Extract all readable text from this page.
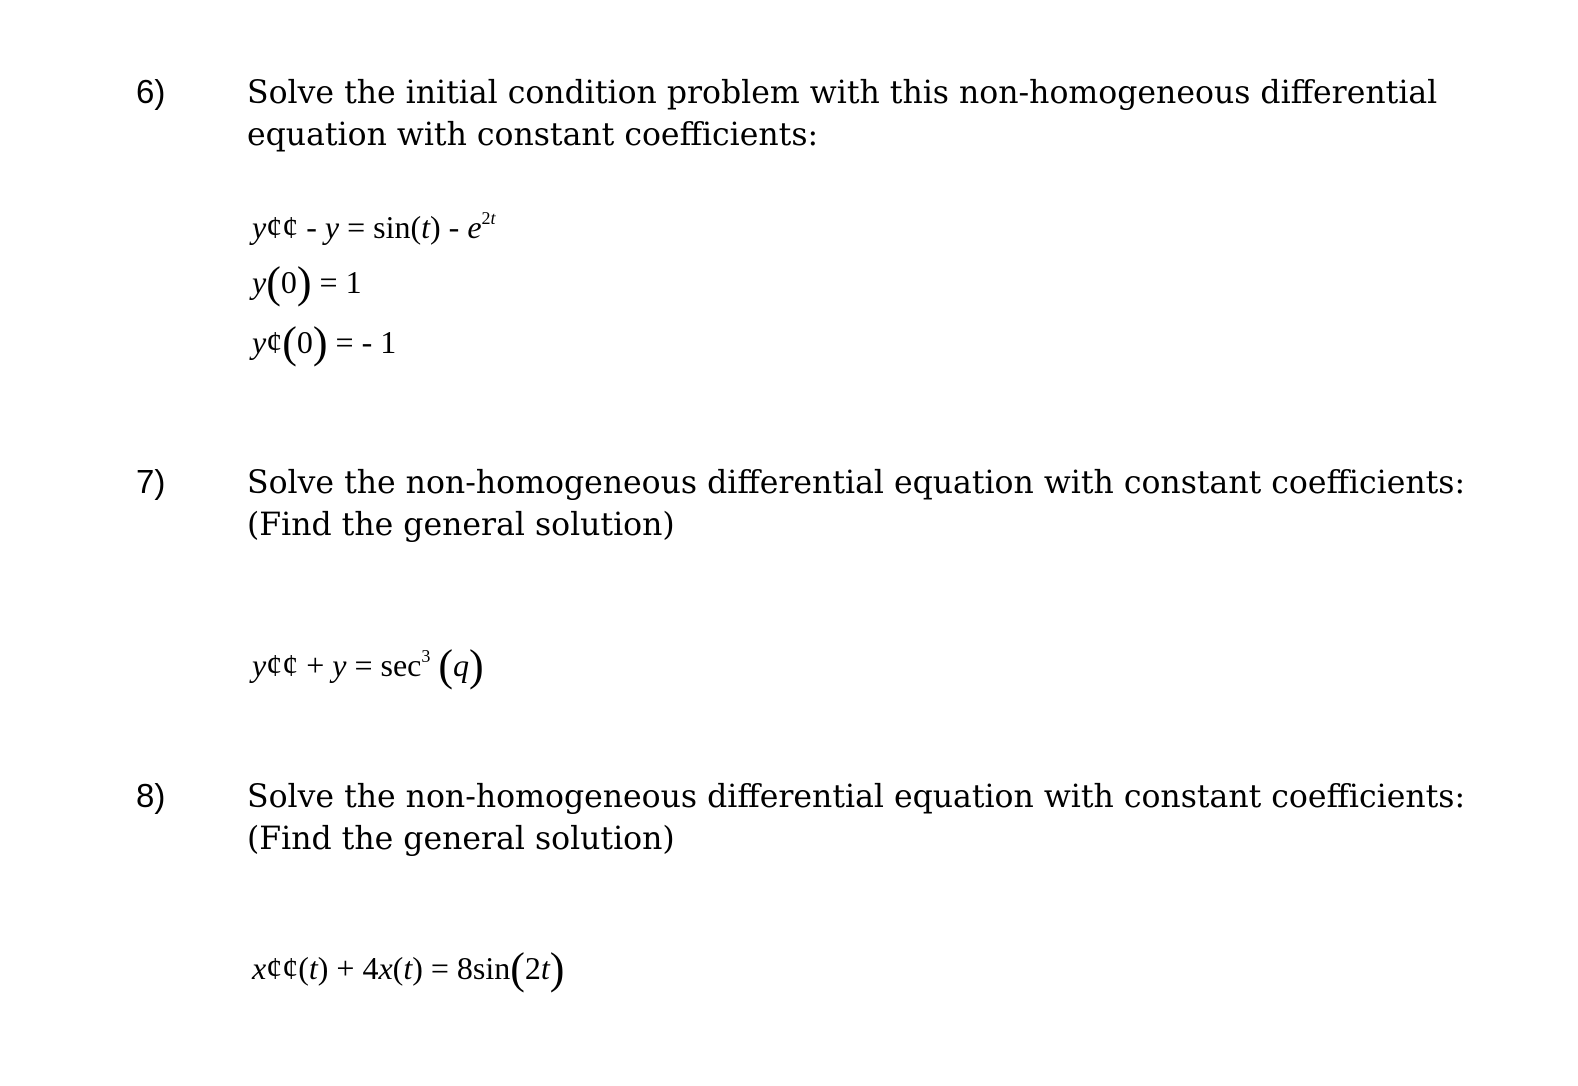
6)	Solve the initial condition problem with this non-homogeneous differential
equation with constant coefficients:
y¢¢ - $y = \sin(t) - e^{2t}$
y(0) = 1
y¢(0) = - 1
7)	Solve the non-homogeneous differential equation with constant coefficients:
(Find the general solution)
y¢¢ + $y = \sec^3 (q)$
8)	Solve the non-homogeneous differential equation with constant coefficients:
(Find the general solution)
x¢¢(t) + 4x(t) = 8sin(2t)
